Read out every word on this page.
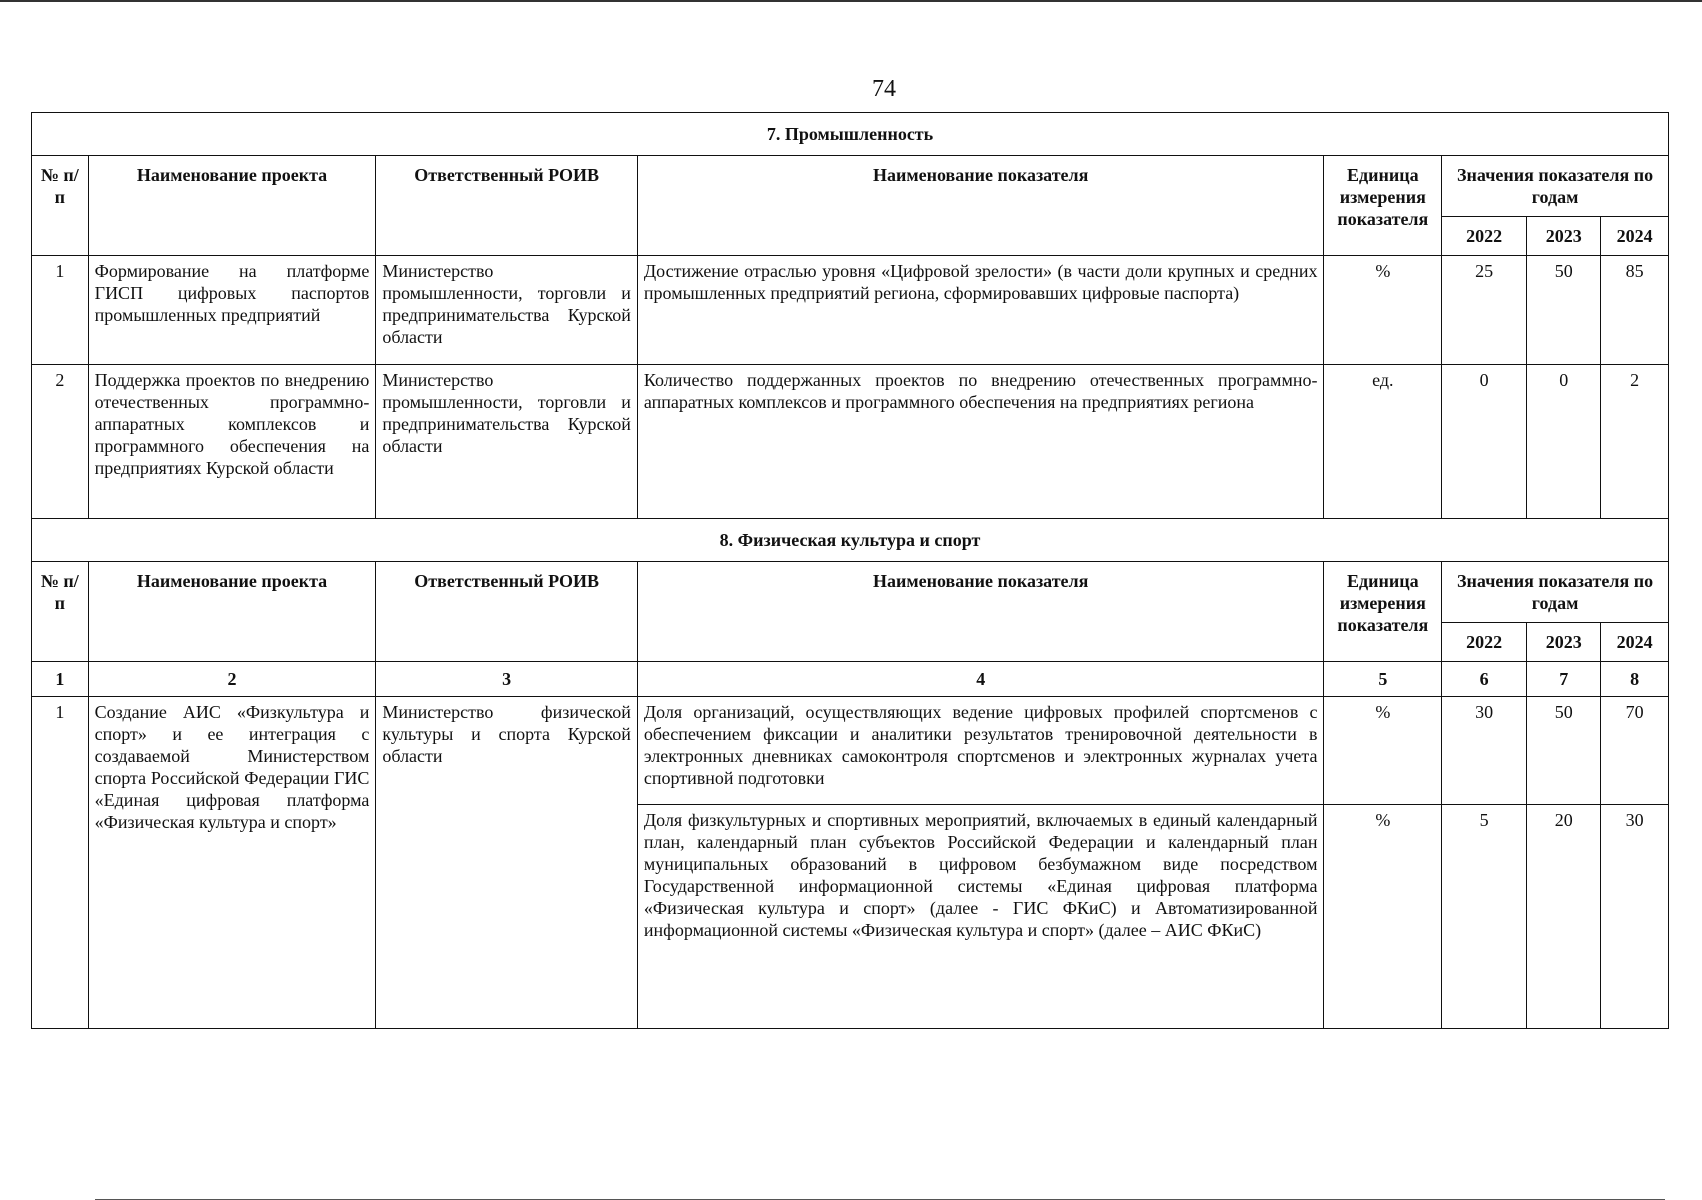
74
7. Промышленность							
№ п/п	Наименование проекта	Ответственный РОИВ	Наименование показателя	Единица измерения показателя	Значения показателя по годам		
					2022	2023	2024
1	Формирование на платформе ГИСП цифровых паспортов промышленных предприятий	Министерство промышленности, торговли и предпринимательства Курской области	Достижение отраслью уровня «Цифровой зрелости» (в части доли крупных и средних промышленных предприятий региона, сформировавших цифровые паспорта)	%	25	50	85
2	Поддержка проектов по внедрению отечественных программно-аппаратных комплексов и программного обеспечения на предприятиях Курской области	Министерство промышленности, торговли и предпринимательства Курской области	Количество поддержанных проектов по внедрению отечественных программно-аппаратных комплексов и программного обеспечения на предприятиях региона	ед.	0	0	2
8. Физическая культура и спорт							
№ п/п	Наименование проекта	Ответственный РОИВ	Наименование показателя	Единица измерения показателя	Значения показателя по годам		
					2022	2023	2024
1	2	3	4	5	6	7	8
1	Создание АИС «Физкультура и спорт» и ее интеграция с создаваемой Министерством спорта Российской Федерации ГИС «Единая цифровая платформа «Физическая культура и спорт»	Министерство физической культуры и спорта Курской области	Доля организаций, осуществляющих ведение цифровых профилей спортсменов с обеспечением фиксации и аналитики результатов тренировочной деятельности в электронных дневниках самоконтроля спортсменов и электронных журналах учета спортивной подготовки	%	30	50	70
			Доля физкультурных и спортивных мероприятий, включаемых в единый календарный план, календарный план субъектов Российской Федерации и календарный план муниципальных образований в цифровом безбумажном виде посредством Государственной информационной системы «Единая цифровая платформа «Физическая культура и спорт» (далее - ГИС ФКиС) и Автоматизированной информационной системы «Физическая культура и спорт» (далее – АИС ФКиС)	%	5	20	30
